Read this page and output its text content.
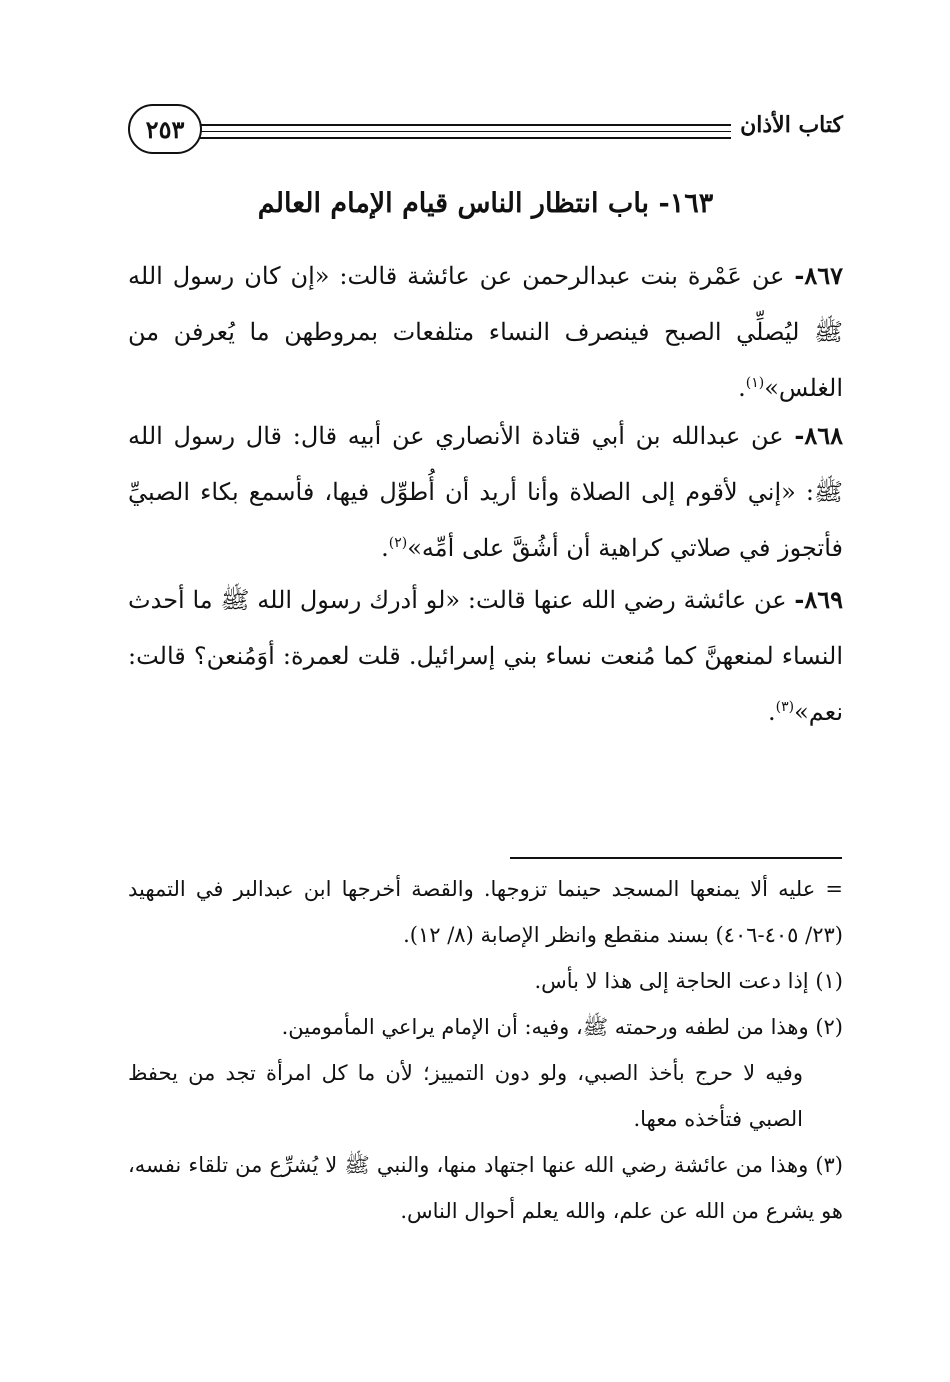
كتاب الأذان
٢٥٣
١٦٣- باب انتظار الناس قيام الإمام العالم

٨٦٧- عن عَمْرة بنت عبدالرحمن عن عائشة قالت: «إن كان رسول الله ﷺ ليُصلِّي الصبح فينصرف النساء متلفعات بمروطهن ما يُعرفن من الغلس»$^{(١)}$.

٨٦٨- عن عبدالله بن أبي قتادة الأنصاري عن أبيه قال: قال رسول الله ﷺ: «إني لأقوم إلى الصلاة وأنا أريد أن أُطوِّل فيها، فأسمع بكاء الصبيِّ فأتجوز في صلاتي كراهية أن أشُقَّ على أمِّه»$^{(٢)}$.

٨٦٩- عن عائشة رضي الله عنها قالت: «لو أدرك رسول الله ﷺ ما أحدث النساء لمنعهنَّ كما مُنعت نساء بني إسرائيل. قلت لعمرة: أوَمُنعن؟ قالت: نعم»$^{(٣)}$.

= عليه ألا يمنعها المسجد حينما تزوجها. والقصة أخرجها ابن عبدالبر في التمهيد (٢٣/ ٤٠٥-٤٠٦) بسند منقطع وانظر الإصابة (٨/ ١٢).

(١) إذا دعت الحاجة إلى هذا لا بأس.

(٢) وهذا من لطفه ورحمته ﷺ، وفيه: أن الإمام يراعي المأمومين.

وفيه لا حرج بأخذ الصبي، ولو دون التمييز؛ لأن ما كل امرأة تجد من يحفظ الصبي فتأخذه معها.

(٣) وهذا من عائشة رضي الله عنها اجتهاد منها، والنبي ﷺ لا يُشرِّع من تلقاء نفسه، هو يشرع من الله عن علم، والله يعلم أحوال الناس.
